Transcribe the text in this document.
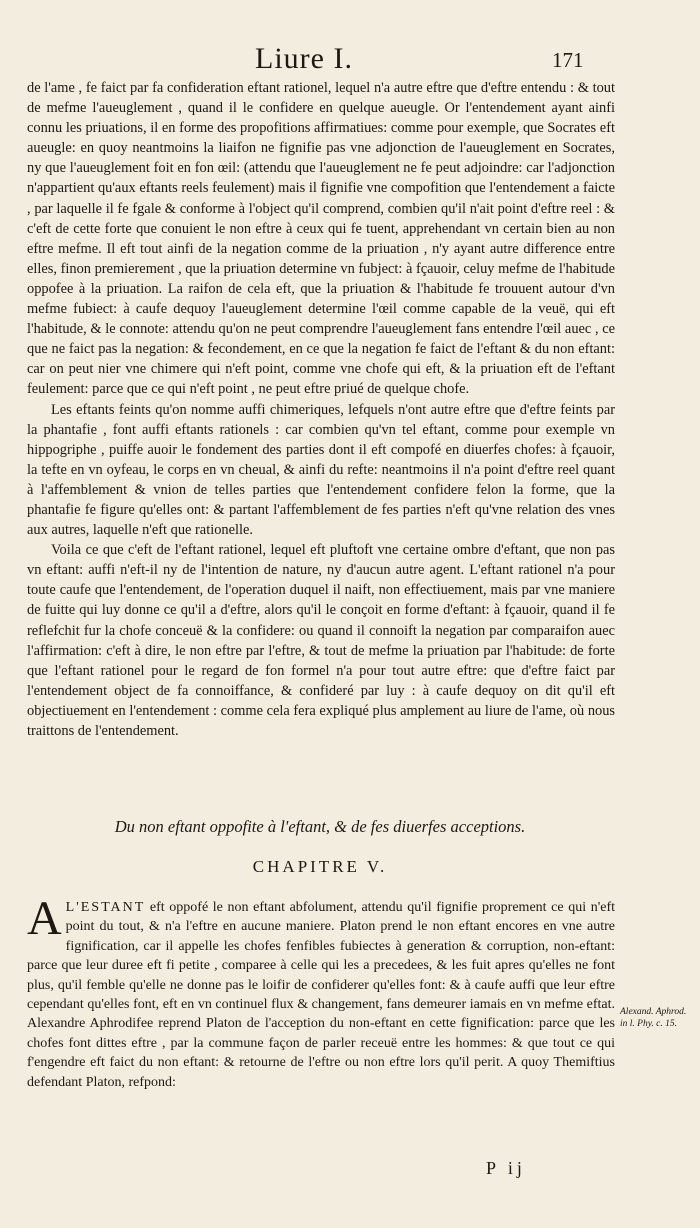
Liure I.	171

de l'ame , fe faict par fa confideration eftant rationel, lequel n'a autre eftre que d'eftre entendu : & tout de mefme l'aueuglement , quand il le confidere en quelque aueugle. Or l'entendement ayant ainfi connu les priuations, il en forme des propofitions affirmatiues: comme pour exemple, que Socrates eft aueugle: en quoy neantmoins la liaifon ne fignifie pas vne adjonction de l'aueuglement en Socrates, ny que l'aueuglement foit en fon œil: (attendu que l'aueuglement ne fe peut adjoindre: car l'adjonction n'appartient qu'aux eftants reels feulement) mais il fignifie vne compofition que l'entendement a faicte , par laquelle il fe fgale & conforme à l'object qu'il comprend, combien qu'il n'ait point d'eftre reel : & c'eft de cette forte que conuient le non eftre à ceux qui fe tuent, apprehendant vn certain bien au non eftre mefme. Il eft tout ainfi de la negation comme de la priuation , n'y ayant autre difference entre elles, finon premierement , que la priuation determine vn fubject: à fçauoir, celuy mefme de l'habitude oppofee à la priuation. La raifon de cela eft, que la priuation & l'habitude fe trouuent autour d'vn mefme fubiect: à caufe dequoy l'aueuglement determine l'œil comme capable de la veuë, qui eft l'habitude, & le connote: attendu qu'on ne peut comprendre l'aueuglement fans entendre l'œil auec , ce que ne faict pas la negation: & fecondement, en ce que la negation fe faict de l'eftant & du non eftant: car on peut nier vne chimere qui n'eft point, comme vne chofe qui eft, & la priuation eft de l'eftant feulement: parce que ce qui n'eft point , ne peut eftre priué de quelque chofe.

Les eftants feints qu'on nomme auffi chimeriques, lefquels n'ont autre eftre que d'eftre feints par la phantafie , font auffi eftants rationels : car combien qu'vn tel eftant, comme pour exemple vn hippogriphe , puiffe auoir le fondement des parties dont il eft compofé en diuerfes chofes: à fçauoir, la tefte en vn oyfeau, le corps en vn cheual, & ainfi du refte: neantmoins il n'a point d'eftre reel quant à l'affemblement & vnion de telles parties que l'entendement confidere felon la forme, que la phantafie fe figure qu'elles ont: & partant l'affemblement de fes parties n'eft qu'vne relation des vnes aux autres, laquelle n'eft que rationelle.

Voila ce que c'eft de l'eftant rationel, lequel eft pluftoft vne certaine ombre d'eftant, que non pas vn eftant: auffi n'eft-il ny de l'intention de nature, ny d'aucun autre agent. L'eftant rationel n'a pour toute caufe que l'entendement, de l'operation duquel il naift, non effectiuement, mais par vne maniere de fuitte qui luy donne ce qu'il a d'eftre, alors qu'il le conçoit en forme d'eftant: à fçauoir, quand il fe reflefchit fur la chofe conceuë & la confidere: ou quand il connoift la negation par comparaifon auec l'affirmation: c'eft à dire, le non eftre par l'eftre, & tout de mefme la priuation par l'habitude: de forte que l'eftant rationel pour le regard de fon formel n'a pour tout autre eftre: que d'eftre faict par l'entendement object de fa connoiffance, & confideré par luy : à caufe dequoy on dit qu'il eft objectiuement en l'entendement : comme cela fera expliqué plus amplement au liure de l'ame, où nous traittons de l'entendement.

Du non eftant oppofite à l'eftant, & de fes diuerfes acceptions.
CHAPITRE V.

A L'ESTANT eft oppofé le non eftant abfolument, attendu qu'il fignifie proprement ce qui n'eft point du tout, & n'a l'eftre en aucune maniere. Platon prend le non eftant encores en vne autre fignification, car il appelle les chofes fenfibles fubiectes à generation & corruption, non-eftant: parce que leur duree eft fi petite , comparee à celle qui les a precedees, & les fuit apres qu'elles ne font plus, qu'il femble qu'elle ne donne pas le loifir de confiderer qu'elles font: & à caufe auffi que leur eftre cependant qu'elles font, eft en vn continuel flux & changement, fans demeurer iamais en vn mefme eftat. Alexandre Aphrodifee reprend Platon de l'acception du non-eftant en cette fignification: parce que les chofes font dittes eftre , par la commune façon de parler receuë entre les hommes: & que tout ce qui f'engendre eft faict du non eftant: & retourne de l'eftre ou non eftre lors qu'il perit. A quoy Themiftius defendant Platon, refpond:

Alexand. Aphrod. in l. Phy. c. 15.
P ij
